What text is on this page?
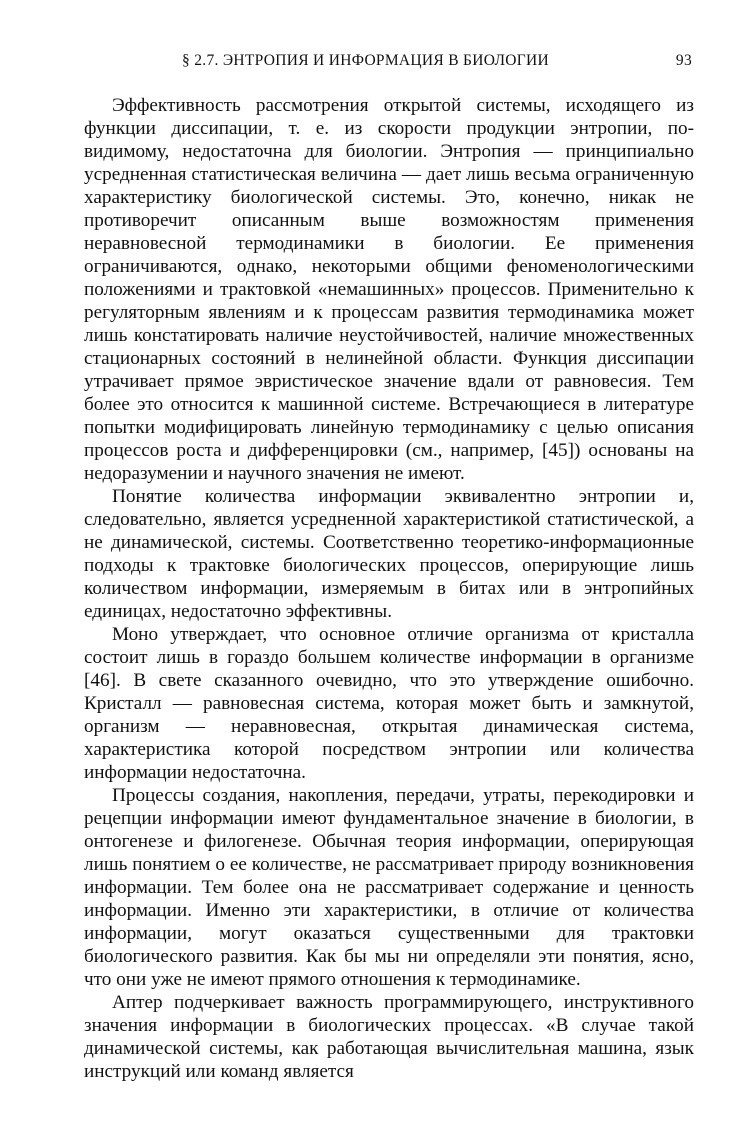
§ 2.7. ЭНТРОПИЯ И ИНФОРМАЦИЯ В БИОЛОГИИ	93

Эффективность рассмотрения открытой системы, исходящего из функции диссипации, т. е. из скорости продукции энтропии, по-видимому, недостаточна для биологии. Энтропия — принципиально усредненная статистическая величина — дает лишь весьма ограниченную характеристику биологической системы. Это, конечно, никак не противоречит описанным выше возможностям применения неравновесной термодинамики в биологии. Ее применения ограничиваются, однако, некоторыми общими феноменологическими положениями и трактовкой «немашинных» процессов. Применительно к регуляторным явлениям и к процессам развития термодинамика может лишь констатировать наличие неустойчивостей, наличие множественных стационарных состояний в нелинейной области. Функция диссипации утрачивает прямое эвристическое значение вдали от равновесия. Тем более это относится к машинной системе. Встречающиеся в литературе попытки модифицировать линейную термодинамику с целью описания процессов роста и дифференцировки (см., например, [45]) основаны на недоразумении и научного значения не имеют.

Понятие количества информации эквивалентно энтропии и, следовательно, является усредненной характеристикой статистической, а не динамической, системы. Соответственно теоретико-информационные подходы к трактовке биологических процессов, оперирующие лишь количеством информации, измеряемым в битах или в энтропийных единицах, недостаточно эффективны.

Моно утверждает, что основное отличие организма от кристалла состоит лишь в гораздо большем количестве информации в организме [46]. В свете сказанного очевидно, что это утверждение ошибочно. Кристалл — равновесная система, которая может быть и замкнутой, организм — неравновесная, открытая динамическая система, характеристика которой посредством энтропии или количества информации недостаточна.

Процессы создания, накопления, передачи, утраты, перекодировки и рецепции информации имеют фундаментальное значение в биологии, в онтогенезе и филогенезе. Обычная теория информации, оперирующая лишь понятием о ее количестве, не рассматривает природу возникновения информации. Тем более она не рассматривает содержание и ценность информации. Именно эти характеристики, в отличие от количества информации, могут оказаться существенными для трактовки биологического развития. Как бы мы ни определяли эти понятия, ясно, что они уже не имеют прямого отношения к термодинамике.

Аптер подчеркивает важность программирующего, инструктивного значения информации в биологических процессах. «В случае такой динамической системы, как работающая вычислительная машина, язык инструкций или команд является
